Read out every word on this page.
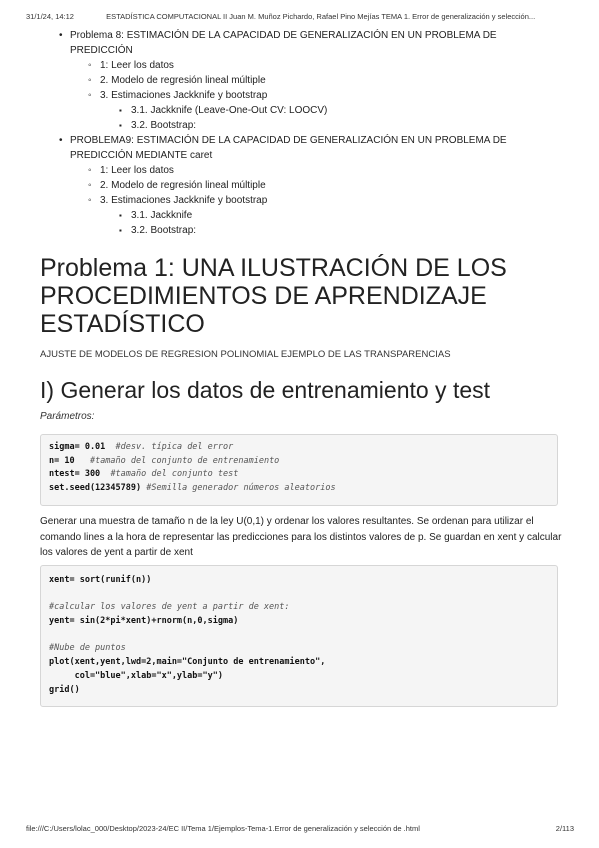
31/1/24, 14:12	ESTADÍSTICA COMPUTACIONAL II Juan M. Muñoz Pichardo, Rafael Pino Mejías TEMA 1. Error de generalización y selección...
• Problema 8: ESTIMACIÓN DE LA CAPACIDAD DE GENERALIZACIÓN EN UN PROBLEMA DE PREDICCIÓN
◦ 1: Leer los datos
◦ 2. Modelo de regresión lineal múltiple
◦ 3. Estimaciones Jackknife y bootstrap
▪ 3.1. Jackknife (Leave-One-Out CV: LOOCV)
▪ 3.2. Bootstrap:
• PROBLEMA9: ESTIMACIÓN DE LA CAPACIDAD DE GENERALIZACIÓN EN UN PROBLEMA DE PREDICCIÓN MEDIANTE caret
◦ 1: Leer los datos
◦ 2. Modelo de regresión lineal múltiple
◦ 3. Estimaciones Jackknife y bootstrap
▪ 3.1. Jackknife
▪ 3.2. Bootstrap:
Problema 1: UNA ILUSTRACIÓN DE LOS PROCEDIMIENTOS DE APRENDIZAJE ESTADÍSTICO
AJUSTE DE MODELOS DE REGRESION POLINOMIAL EJEMPLO DE LAS TRANSPARENCIAS
I) Generar los datos de entrenamiento y test
Parámetros:
sigma= 0.01 #desv. típica del error
n= 10 #tamaño del conjunto de entrenamiento
ntest= 300 #tamaño del conjunto test
set.seed(12345789) #Semilla generador números aleatorios

Generar una muestra de tamaño n de la ley U(0,1) y ordenar los valores resultantes. Se ordenan para utilizar el comando lines a la hora de representar las predicciones para los distintos valores de p. Se guardan en xent y calcular los valores de yent a partir de xent

xent= sort(runif(n))
#calcular los valores de yent a partir de xent:
yent= sin(2*pi*xent)+rnorm(n,0,sigma)
#Nube de puntos
plot(xent,yent,lwd=2,main="Conjunto de entrenamiento",
col="blue",xlab="x",ylab="y")
grid()
file:///C:/Users/lolac_000/Desktop/2023-24/EC II/Tema 1/Ejemplos-Tema-1.Error de generalización y selección de .html	2/113
